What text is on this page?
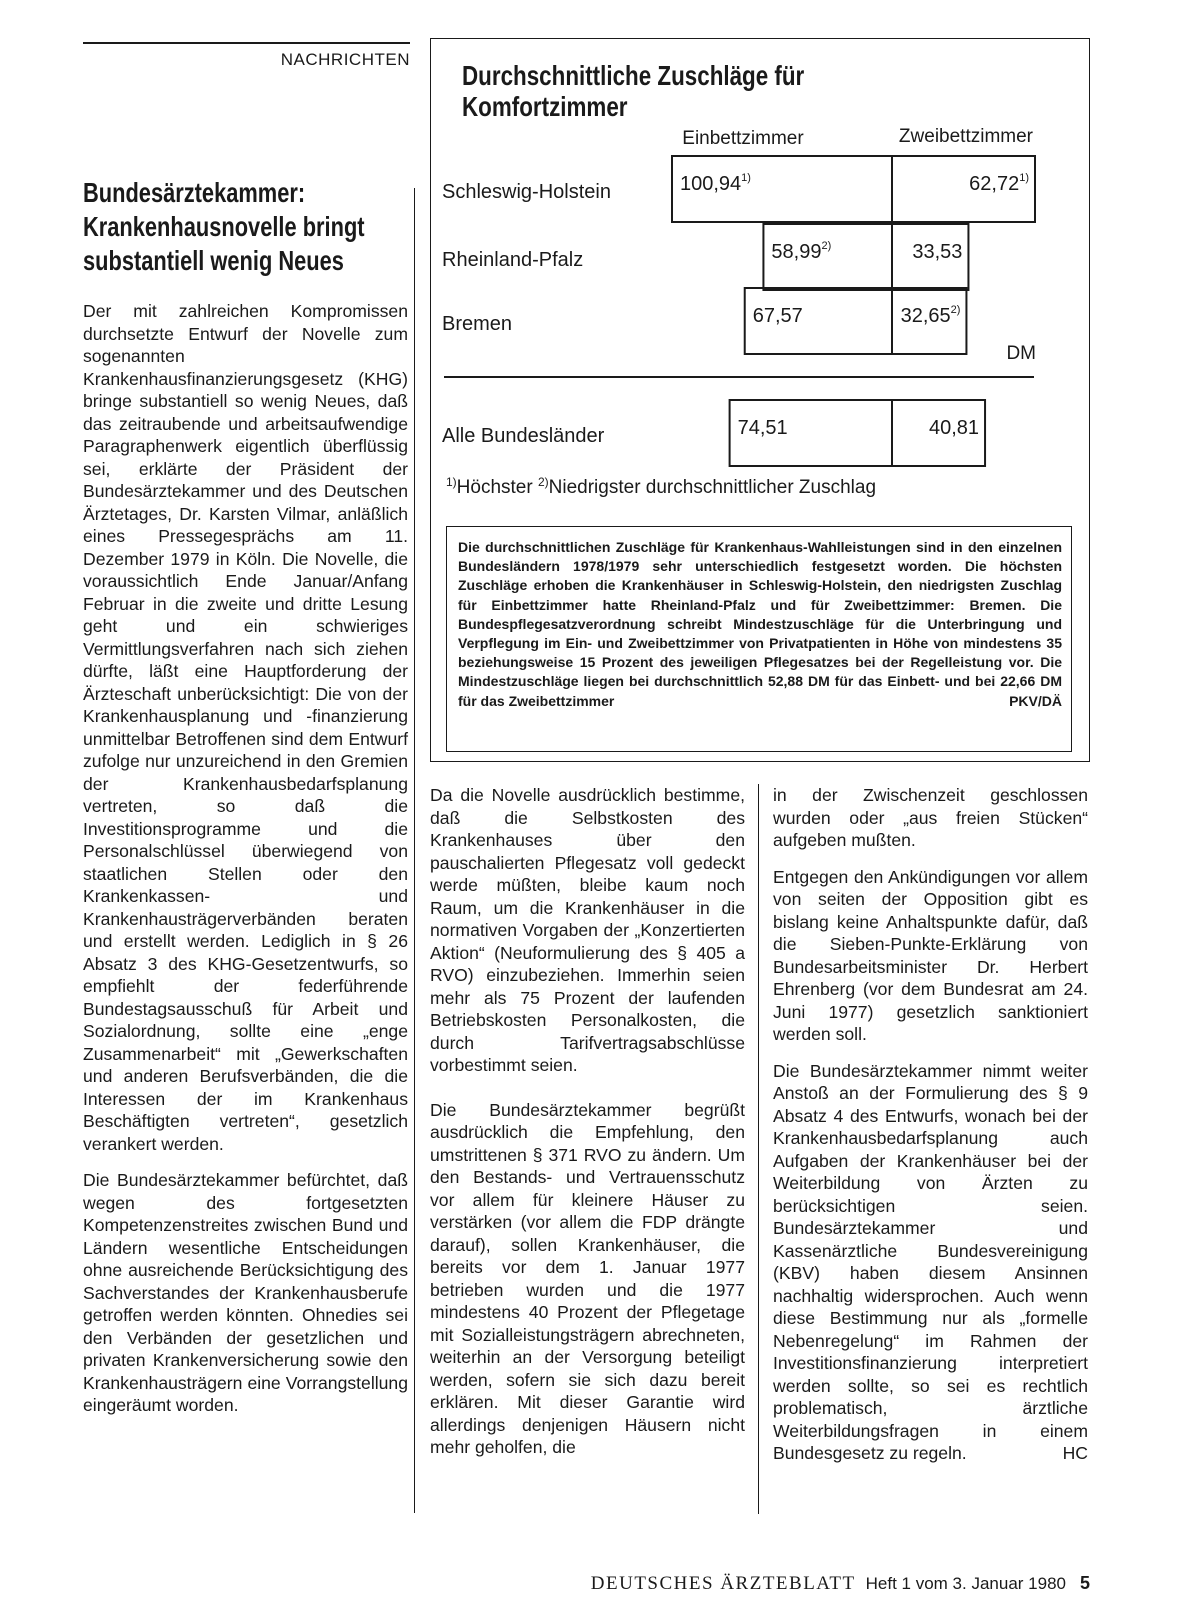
NACHRICHTEN
Bundesärztekammer: Krankenhausnovelle bringt substantiell wenig Neues

Der mit zahlreichen Kompromissen durchsetzte Entwurf der Novelle zum sogenannten Krankenhausfinanzierungsgesetz (KHG) bringe substantiell so wenig Neues, daß das zeitraubende und arbeitsaufwendige Paragraphenwerk eigentlich überflüssig sei, erklärte der Präsident der Bundesärztekammer und des Deutschen Ärztetages, Dr. Karsten Vilmar, anläßlich eines Pressegesprächs am 11. Dezember 1979 in Köln. Die Novelle, die voraussichtlich Ende Januar/Anfang Februar in die zweite und dritte Lesung geht und ein schwieriges Vermittlungsverfahren nach sich ziehen dürfte, läßt eine Hauptforderung der Ärzteschaft unberücksichtigt: Die von der Krankenhausplanung und -finanzierung unmittelbar Betroffenen sind dem Entwurf zufolge nur unzureichend in den Gremien der Krankenhausbedarfsplanung vertreten, so daß die Investitionsprogramme und die Personalschlüssel überwiegend von staatlichen Stellen oder den Krankenkassen- und Krankenhausträgerverbänden beraten und erstellt werden. Lediglich in § 26 Absatz 3 des KHG-Gesetzentwurfs, so empfiehlt der federführende Bundestagsausschuß für Arbeit und Sozialordnung, sollte eine „enge Zusammenarbeit“ mit „Gewerkschaften und anderen Berufsverbänden, die die Interessen der im Krankenhaus Beschäftigten vertreten“, gesetzlich verankert werden.

Die Bundesärztekammer befürchtet, daß wegen des fortgesetzten Kompetenzenstreites zwischen Bund und Ländern wesentliche Entscheidungen ohne ausreichende Berücksichtigung des Sachverstandes der Krankenhausberufe getroffen werden könnten. Ohnedies sei den Verbänden der gesetzlichen und privaten Krankenversicherung sowie den Krankenhausträgern eine Vorrangstellung eingeräumt worden.

Durchschnittliche Zuschläge für Komfortzimmer
Einbettzimmer	Zweibettzimmer
DM
Schleswig-Holstein	100,94$^{1)}$	62,72$^{1)}$
Rheinland-Pfalz	58,99$^{2)}$	33,53
Bremen	67,57	32,65$^{2)}$
Alle Bundesländer	74,51	40,81
$^{1)}$Höchster $^{2)}$Niedrigster durchschnittlicher Zuschlag
Die durchschnittlichen Zuschläge für Krankenhaus-Wahlleistungen sind in den einzelnen Bundesländern 1978/1979 sehr unterschiedlich festgesetzt worden. Die höchsten Zuschläge erhoben die Krankenhäuser in Schleswig-Holstein, den niedrigsten Zuschlag für Einbettzimmer hatte Rheinland-Pfalz und für Zweibettzimmer: Bremen. Die Bundespflegesatzverordnung schreibt Mindestzuschläge für die Unterbringung und Verpflegung im Ein- und Zweibettzimmer von Privatpatienten in Höhe von mindestens 35 beziehungsweise 15 Prozent des jeweiligen Pflegesatzes bei der Regelleistung vor. Die Mindestzuschläge liegen bei durchschnittlich 52,88 DM für das Einbett- und bei 22,66 DM für das Zweibettzimmer	PKV/DÄ

Da die Novelle ausdrücklich bestimme, daß die Selbstkosten des Krankenhauses über den pauschalierten Pflegesatz voll gedeckt werde müßten, bleibe kaum noch Raum, um die Krankenhäuser in die normativen Vorgaben der „Konzertierten Aktion“ (Neuformulierung des § 405 a RVO) einzubeziehen. Immerhin seien mehr als 75 Prozent der laufenden Betriebskosten Personalkosten, die durch Tarifvertragsabschlüsse vorbestimmt seien.

Die Bundesärztekammer begrüßt ausdrücklich die Empfehlung, den umstrittenen § 371 RVO zu ändern. Um den Bestands- und Vertrauensschutz vor allem für kleinere Häuser zu verstärken (vor allem die FDP drängte darauf), sollen Krankenhäuser, die bereits vor dem 1. Januar 1977 betrieben wurden und die 1977 mindestens 40 Prozent der Pflegetage mit Sozialleistungsträgern abrechneten, weiterhin an der Versorgung beteiligt werden, sofern sie sich dazu bereit erklären. Mit dieser Garantie wird allerdings denjenigen Häusern nicht mehr geholfen, die

in der Zwischenzeit geschlossen wurden oder „aus freien Stücken“ aufgeben mußten.

Entgegen den Ankündigungen vor allem von seiten der Opposition gibt es bislang keine Anhaltspunkte dafür, daß die Sieben-Punkte-Erklärung von Bundesarbeitsminister Dr. Herbert Ehrenberg (vor dem Bundesrat am 24. Juni 1977) gesetzlich sanktioniert werden soll.

Die Bundesärztekammer nimmt weiter Anstoß an der Formulierung des § 9 Absatz 4 des Entwurfs, wonach bei der Krankenhausbedarfsplanung auch Aufgaben der Krankenhäuser bei der Weiterbildung von Ärzten zu berücksichtigen seien. Bundesärztekammer und Kassenärztliche Bundesvereinigung (KBV) haben diesem Ansinnen nachhaltig widersprochen. Auch wenn diese Bestimmung nur als „formelle Nebenregelung“ im Rahmen der Investitionsfinanzierung interpretiert werden sollte, so sei es rechtlich problematisch, ärztliche Weiterbildungsfragen in einem Bundesgesetz zu regeln.	HC

DEUTSCHES ÄRZTEBLATT Heft 1 vom 3. Januar 1980 5
